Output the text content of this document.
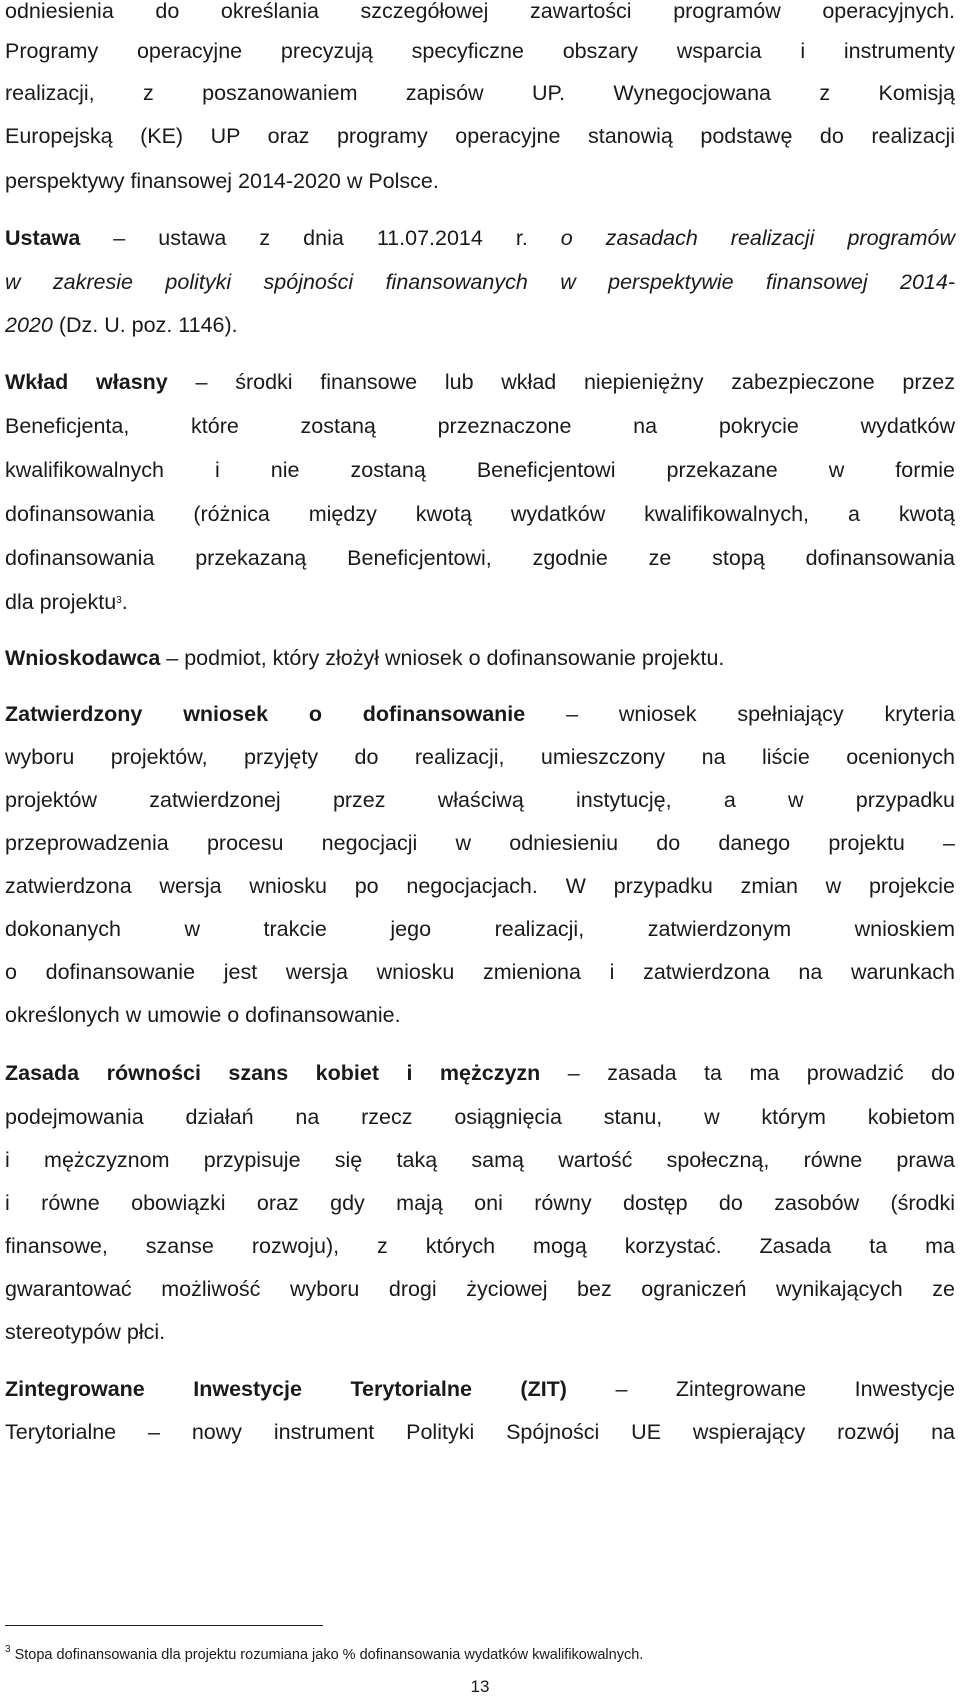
odniesienia do określania szczegółowej zawartości programów operacyjnych.
Programy operacyjne precyzują specyficzne obszary wsparcia i instrumenty
realizacji, z poszanowaniem zapisów UP. Wynegocjowana z Komisją
Europejską (KE) UP oraz programy operacyjne stanowią podstawę do realizacji
perspektywy finansowej 2014-2020 w Polsce.
Ustawa – ustawa z dnia 11.07.2014 r. o zasadach realizacji programów
w zakresie polityki spójności finansowanych w perspektywie finansowej 2014-
2020 (Dz. U. poz. 1146).
Wkład własny – środki finansowe lub wkład niepieniężny zabezpieczone przez
Beneficjenta, które zostaną przeznaczone na pokrycie wydatków
kwalifikowalnych i nie zostaną Beneficjentowi przekazane w formie
dofinansowania (różnica między kwotą wydatków kwalifikowalnych, a kwotą
dofinansowania przekazaną Beneficjentowi, zgodnie ze stopą dofinansowania
dla projektu$^3$.
Wnioskodawca – podmiot, który złożył wniosek o dofinansowanie projektu.
Zatwierdzony wniosek o dofinansowanie – wniosek spełniający kryteria
wyboru projektów, przyjęty do realizacji, umieszczony na liście ocenionych
projektów zatwierdzonej przez właściwą instytucję, a w przypadku
przeprowadzenia procesu negocjacji w odniesieniu do danego projektu –
zatwierdzona wersja wniosku po negocjacjach. W przypadku zmian w projekcie
dokonanych w trakcie jego realizacji, zatwierdzonym wnioskiem
o dofinansowanie jest wersja wniosku zmieniona i zatwierdzona na warunkach
określonych w umowie o dofinansowanie.
Zasada równości szans kobiet i mężczyzn – zasada ta ma prowadzić do
podejmowania działań na rzecz osiągnięcia stanu, w którym kobietom
i mężczyznom przypisuje się taką samą wartość społeczną, równe prawa
i równe obowiązki oraz gdy mają oni równy dostęp do zasobów (środki
finansowe, szanse rozwoju), z których mogą korzystać. Zasada ta ma
gwarantować możliwość wyboru drogi życiowej bez ograniczeń wynikających ze
stereotypów płci.
Zintegrowane Inwestycje Terytorialne (ZIT) – Zintegrowane Inwestycje
Terytorialne – nowy instrument Polityki Spójności UE wspierający rozwój na
$^3$ Stopa dofinansowania dla projektu rozumiana jako % dofinansowania wydatków kwalifikowalnych.
13
